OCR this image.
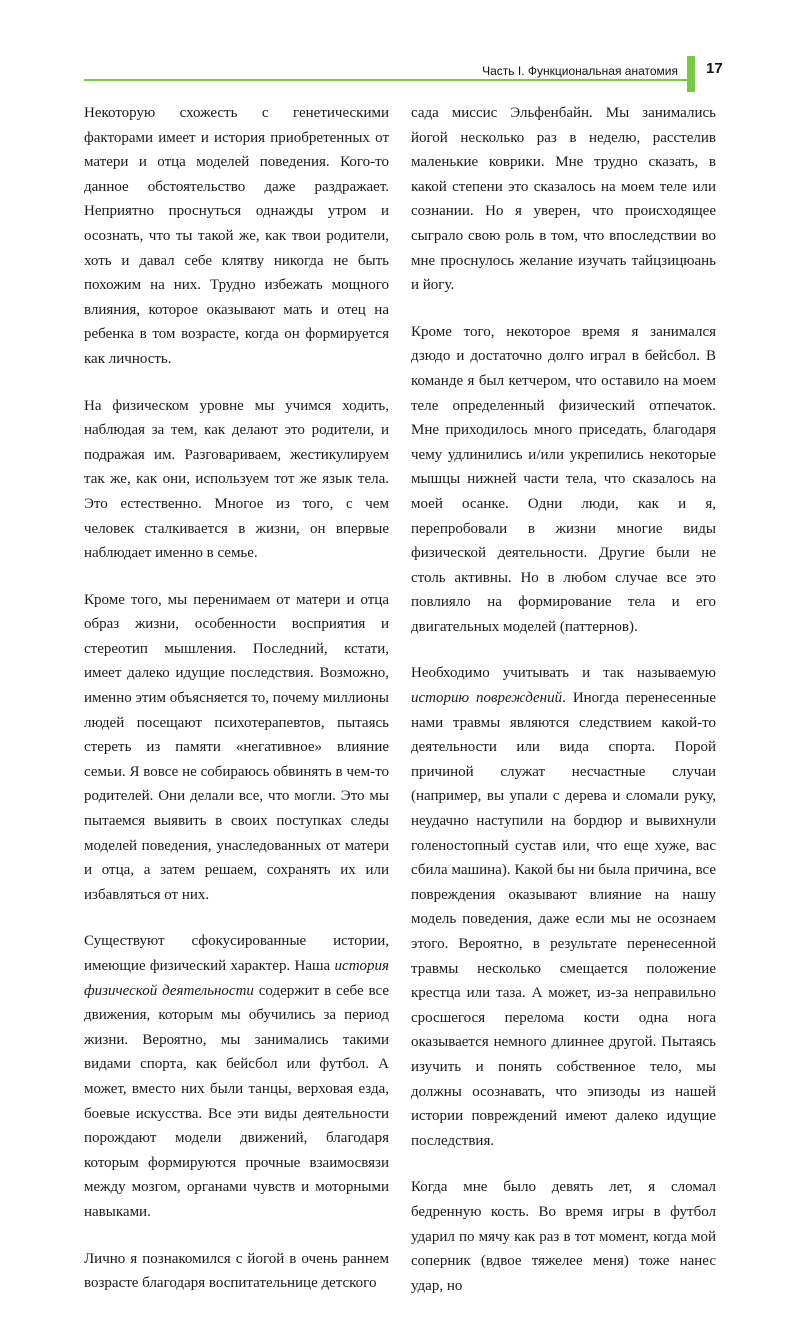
Часть I. Функциональная анатомия 17

Некоторую схожесть с генетическими факторами имеет и история приобретенных от матери и отца моделей поведения. Кого-то данное обстоятельство даже раздражает. Неприятно проснуться однажды утром и осознать, что ты такой же, как твои родители, хоть и давал себе клятву никогда не быть похожим на них. Трудно избежать мощного влияния, которое оказывают мать и отец на ребенка в том возрасте, когда он формируется как личность.

На физическом уровне мы учимся ходить, наблюдая за тем, как делают это родители, и подражая им. Разговариваем, жестикулируем так же, как они, используем тот же язык тела. Это естественно. Многое из того, с чем человек сталкивается в жизни, он впервые наблюдает именно в семье.

Кроме того, мы перенимаем от матери и отца образ жизни, особенности восприятия и стереотип мышления. Последний, кстати, имеет далеко идущие последствия. Возможно, именно этим объясняется то, почему миллионы людей посещают психотерапевтов, пытаясь стереть из памяти «негативное» влияние семьи. Я вовсе не собираюсь обвинять в чем-то родителей. Они делали все, что могли. Это мы пытаемся выявить в своих поступках следы моделей поведения, унаследованных от матери и отца, а затем решаем, сохранять их или избавляться от них.

Существуют сфокусированные истории, имеющие физический характер. Наша история физической деятельности содержит в себе все движения, которым мы обучились за период жизни. Вероятно, мы занимались такими видами спорта, как бейсбол или футбол. А может, вместо них были танцы, верховая езда, боевые искусства. Все эти виды деятельности порождают модели движений, благодаря которым формируются прочные взаимосвязи между мозгом, органами чувств и моторными навыками.

Лично я познакомился с йогой в очень раннем возрасте благодаря воспитательнице детского

сада миссис Эльфенбайн. Мы занимались йогой несколько раз в неделю, расстелив маленькие коврики. Мне трудно сказать, в какой степени это сказалось на моем теле или сознании. Но я уверен, что происходящее сыграло свою роль в том, что впоследствии во мне проснулось желание изучать тайцзицюань и йогу.

Кроме того, некоторое время я занимался дзюдо и достаточно долго играл в бейсбол. В команде я был кетчером, что оставило на моем теле определенный физический отпечаток. Мне приходилось много приседать, благодаря чему удлинились и/или укрепились некоторые мышцы нижней части тела, что сказалось на моей осанке. Одни люди, как и я, перепробовали в жизни многие виды физической деятельности. Другие были не столь активны. Но в любом случае все это повлияло на формирование тела и его двигательных моделей (паттернов).

Необходимо учитывать и так называемую историю повреждений. Иногда перенесенные нами травмы являются следствием какой-то деятельности или вида спорта. Порой причиной служат несчастные случаи (например, вы упали с дерева и сломали руку, неудачно наступили на бордюр и вывихнули голеностопный сустав или, что еще хуже, вас сбила машина). Какой бы ни была причина, все повреждения оказывают влияние на нашу модель поведения, даже если мы не осознаем этого. Вероятно, в результате перенесенной травмы несколько смещается положение крестца или таза. А может, из-за неправильно сросшегося перелома кости одна нога оказывается немного длиннее другой. Пытаясь изучить и понять собственное тело, мы должны осознавать, что эпизоды из нашей истории повреждений имеют далеко идущие последствия.

Когда мне было девять лет, я сломал бедренную кость. Во время игры в футбол ударил по мячу как раз в тот момент, когда мой соперник (вдвое тяжелее меня) тоже нанес удар, но
